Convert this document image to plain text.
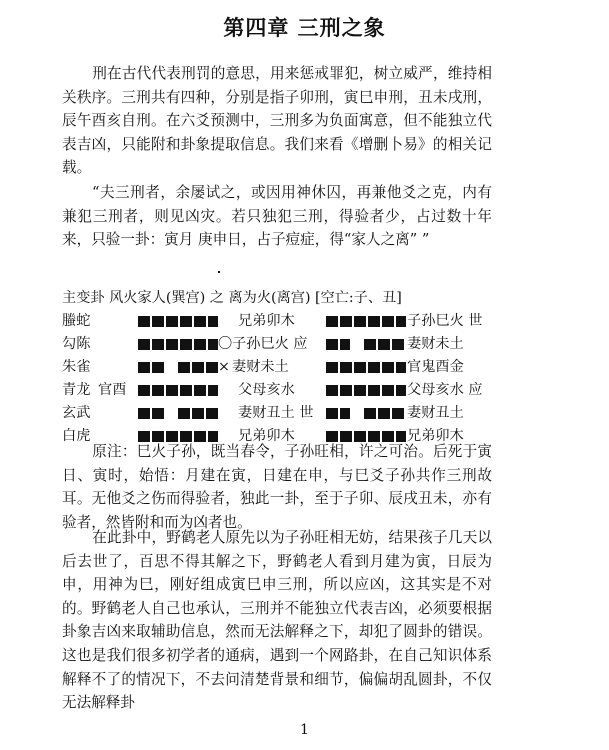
第四章 三刑之象
刑在古代代表刑罚的意思，用来惩戒罪犯，树立威严，维持相关秩序。三刑共有四种，分别是指子卯刑，寅巳申刑，丑未戌刑，辰午酉亥自刑。在六爻预测中，三刑多为负面寓意，但不能独立代表吉凶，只能附和卦象提取信息。我们来看《增删卜易》的相关记载。
“夫三刑者，余屡试之，或因用神休囚，再兼他爻之克，内有兼犯三刑者，则见凶灾。若只独犯三刑，得验者少，占过数十年来，只验一卦：寅月 庚申日，占子痘症，得“家人之离” ”
主变卦 风火家人(巽宫) 之 离为火(离宫) [空亡:子、丑]
螣蛇	兄弟卯木	子孙巳火 世
勾陈	〇 子孙巳火 应	妻财未土
朱雀	× 妻财未土	官鬼酉金
青龙 官酉	父母亥水	父母亥水 应
玄武	妻财丑土 世	妻财丑土
白虎	兄弟卯木	兄弟卯木
原注：巳火子孙，既当春令，子孙旺相，许之可治。后死于寅日、寅时，始悟：月建在寅，日建在申，与巳爻子孙共作三刑故耳。无他爻之伤而得验者，独此一卦，至于子卯、辰戌丑未，亦有验者，然皆附和而为凶者也。
在此卦中，野鹤老人原先以为子孙旺相无妨，结果孩子几天以后去世了，百思不得其解之下，野鹤老人看到月建为寅，日辰为申，用神为巳，刚好组成寅巳申三刑，所以应凶，这其实是不对的。野鹤老人自己也承认，三刑并不能独立代表吉凶，必须要根据卦象吉凶来取辅助信息，然而无法解释之下，却犯了圆卦的错误。这也是我们很多初学者的通病，遇到一个网路卦，在自己知识体系解释不了的情况下，不去问清楚背景和细节，偏偏胡乱圆卦，不仅无法解释卦
1
